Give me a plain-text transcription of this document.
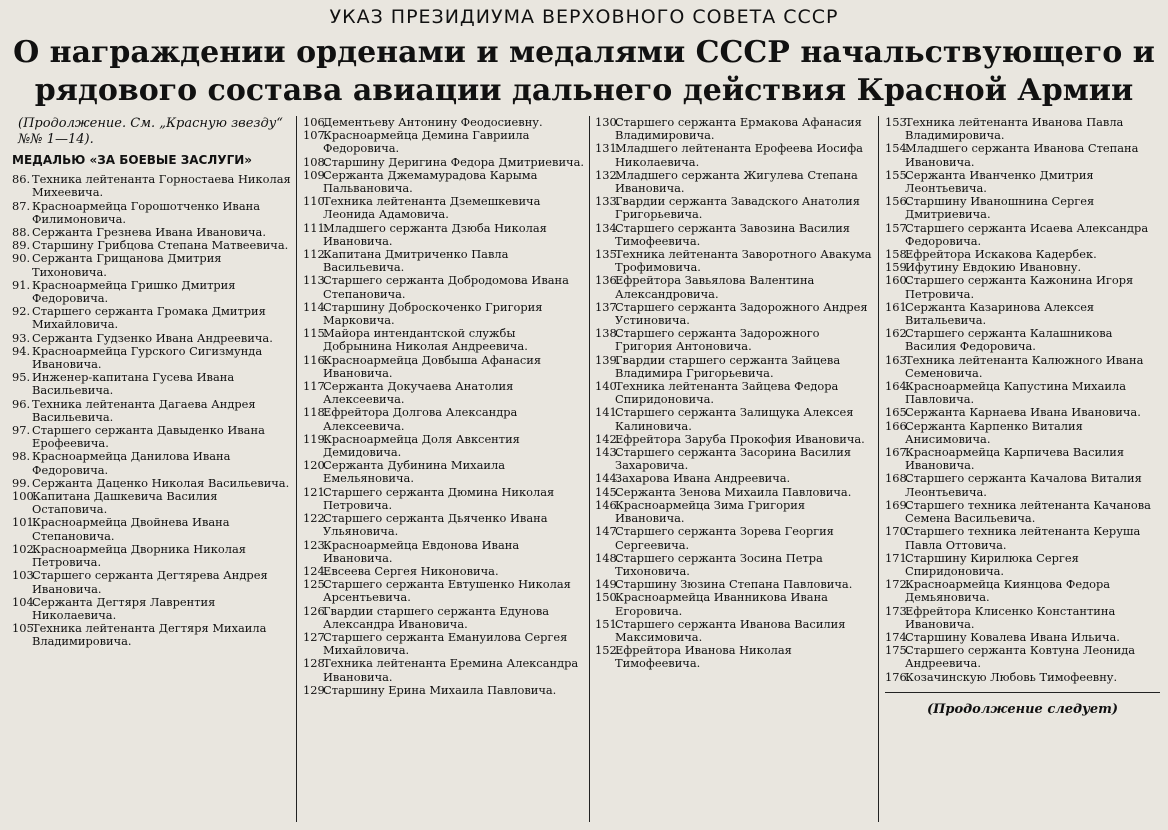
УКАЗ ПРЕЗИДИУМА ВЕРХОВНОГО СОВЕТА СССР
О награждении орденами и медалями СССР начальствующего и
рядового состава авиации дальнего действия Красной Армии
(Продолжение. См. „Красную звезду“ №№ 1—14).
МЕДАЛЬЮ «ЗА БОЕВЫЕ ЗАСЛУГИ»
86. Техника лейтенанта Горностаева Николая Михеевича.
87. Красноармейца Горошотченко Ивана Филимоновича.
88. Сержанта Грезнева Ивана Ивановича.
89. Старшину Грибцова Степана Матвеевича.
90. Сержанта Грищанова Дмитрия Тихоновича.
91. Красноармейца Гришко Дмитрия Федоровича.
92. Старшего сержанта Громака Дмитрия Михайловича.
93. Сержанта Гудзенко Ивана Андреевича.
94. Красноармейца Гурского Сигизмунда Ивановича.
95. Инженер-капитана Гусева Ивана Васильевича.
96. Техника лейтенанта Дагаева Андрея Васильевича.
97. Старшего сержанта Давыденко Ивана Ерофеевича.
98. Красноармейца Данилова Ивана Федоровича.
99. Сержанта Даценко Николая Васильевича.
100.
Капитана Дашкевича Василия Остаповича.
101.
Красноармейца Двойнева Ивана Степановича.
102.
Красноармейца Дворника Николая Петровича.
103.
Старшего сержанта Дегтярева Андрея Ивановича.
104.
Сержанта Дегтяря Лаврентия Николаевича.
105.
Техника лейтенанта Дегтяря Михаила Владимировича.
106.
Дементьеву Антонину Феодосиевну.
107.
Красноармейца Демина Гавриила Федоровича.
108.
Старшину Деригина Федора Дмитриевича.
109.
Сержанта Джемамурадова Карыма Пальвановича.
110.
Техника лейтенанта Дземешкевича Леонида Адамовича.
111.
Младшего сержанта Дзюба Николая Ивановича.
112.
Капитана Дмитриченко Павла Васильевича.
113.
Старшего сержанта Добродомова Ивана Степановича.
114.
Старшину Доброскоченко Григория Марковича.
115.
Майора интендантской службы Добрынина Николая Андреевича.
116.
Красноармейца Довбыша Афанасия Ивановича.
117.
Сержанта Докучаева Анатолия Алексеевича.
118.
Ефрейтора Долгова Александра Алексеевича.
119.
Красноармейца Доля Авксентия Демидовича.
120.
Сержанта Дубинина Михаила Емельяновича.
121.
Старшего сержанта Дюмина Николая Петровича.
122.
Старшего сержанта Дьяченко Ивана Ульяновича.
123.
Красноармейца Евдонова Ивана Ивановича.
124.
Евсеева Сергея Никоновича.
125.
Старшего сержанта Евтушенко Николая Арсентьевича.
126.
Гвардии старшего сержанта Едунова Александра Ивановича.
127.
Старшего сержанта Емануилова Сергея Михайловича.
128.
Техника лейтенанта Еремина Александра Ивановича.
129.
Старшину Ерина Михаила Павловича.
130.
Старшего сержанта Ермакова Афанасия Владимировича.
131.
Младшего лейтенанта Ерофеева Иосифа Николаевича.
132.
Младшего сержанта Жигулева Степана Ивановича.
133.
Гвардии сержанта Завадского Анатолия Григорьевича.
134.
Старшего сержанта Завозина Василия Тимофеевича.
135.
Техника лейтенанта Заворотного Авакума Трофимовича.
136.
Ефрейтора Завьялова Валентина Александровича.
137.
Старшего сержанта Задорожного Андрея Устиновича.
138.
Старшего сержанта Задорожного Григория Антоновича.
139.
Гвардии старшего сержанта Зайцева Владимира Григорьевича.
140.
Техника лейтенанта Зайцева Федора Спиридоновича.
141.
Старшего сержанта Залищука Алексея Калиновича.
142.
Ефрейтора Заруба Прокофия Ивановича.
143.
Старшего сержанта Засорина Василия Захаровича.
144.
Захарова Ивана Андреевича.
145.
Сержанта Зенова Михаила Павловича.
146.
Красноармейца Зима Григория Ивановича.
147.
Старшего сержанта Зорева Георгия Сергеевича.
148.
Старшего сержанта Зосина Петра Тихоновича.
149.
Старшину Зюзина Степана Павловича.
150.
Красноармейца Иванникова Ивана Егоровича.
151.
Старшего сержанта Иванова Василия Максимовича.
152.
Ефрейтора Иванова Николая Тимофеевича.
153.
Техника лейтенанта Иванова Павла Владимировича.
154.
Младшего сержанта Иванова Степана Ивановича.
155.
Сержанта Иванченко Дмитрия Леонтьевича.
156.
Старшину Иваношнина Сергея Дмитриевича.
157.
Старшего сержанта Исаева Александра Федоровича.
158.
Ефрейтора Искакова Кадербек.
159.
Ифутину Евдокию Ивановну.
160.
Старшего сержанта Кажонина Игоря Петровича.
161.
Сержанта Казаринова Алексея Витальевича.
162.
Старшего сержанта Калашникова Василия Федоровича.
163.
Техника лейтенанта Калюжного Ивана Семеновича.
164.
Красноармейца Капустина Михаила Павловича.
165.
Сержанта Карнаева Ивана Ивановича.
166.
Сержанта Карпенко Виталия Анисимовича.
167.
Красноармейца Карпичева Василия Ивановича.
168.
Старшего сержанта Качалова Виталия Леонтьевича.
169.
Старшего техника лейтенанта Качанова Семена Васильевича.
170.
Старшего техника лейтенанта Керуша Павла Оттовича.
171.
Старшину Кирилюка Сергея Спиридоновича.
172.
Красноармейца Киянцова Федора Демьяновича.
173.
Ефрейтора Клисенко Константина Ивановича.
174.
Старшину Ковалева Ивана Ильича.
175.
Старшего сержанта Ковтуна Леонида Андреевича.
176.
Козачинскую Любовь Тимофеевну.
(Продолжение следует)
